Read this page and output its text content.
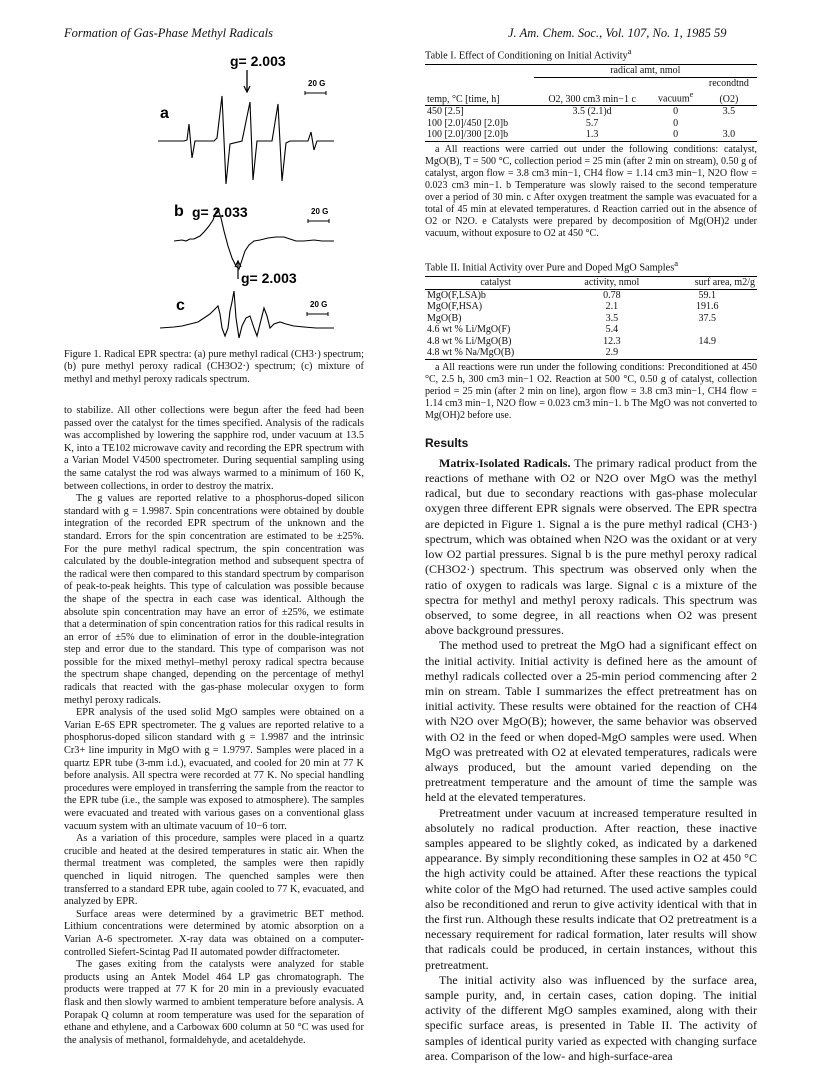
Formation of Gas-Phase Methyl Radicals	J. Am. Chem. Soc., Vol. 107, No. 1, 1985 59
g= 2.003
20 G
a
b g= 2.033	20 G
g= 2.003
c	20 G
Figure 1. Radical EPR spectra: (a) pure methyl radical (CH3·) spectrum; (b) pure methyl peroxy radical (CH3O2·) spectrum; (c) mixture of methyl and methyl peroxy radicals spectrum.

to stabilize. All other collections were begun after the feed had been passed over the catalyst for the times specified. Analysis of the radicals was accomplished by lowering the sapphire rod, under vacuum at 13.5 K, into a TE102 microwave cavity and recording the EPR spectrum with a Varian Model V4500 spectrometer. During sequential sampling using the same catalyst the rod was always warmed to a minimum of 160 K, between collections, in order to destroy the matrix.

The g values are reported relative to a phosphorus-doped silicon standard with g = 1.9987. Spin concentrations were obtained by double integration of the recorded EPR spectrum of the unknown and the standard. Errors for the spin concentration are estimated to be ±25%. For the pure methyl radical spectrum, the spin concentration was calculated by the double-integration method and subsequent spectra of the radical were then compared to this standard spectrum by comparison of peak-to-peak heights. This type of calculation was possible because the shape of the spectra in each case was identical. Although the absolute spin concentration may have an error of ±25%, we estimate that a determination of spin concentration ratios for this radical results in an error of ±5% due to elimination of error in the double-integration step and error due to the standard. This type of comparison was not possible for the mixed methyl–methyl peroxy radical spectra because the spectrum shape changed, depending on the percentage of methyl radicals that reacted with the gas-phase molecular oxygen to form methyl peroxy radicals.

EPR analysis of the used solid MgO samples were obtained on a Varian E-6S EPR spectrometer. The g values are reported relative to a phosphorus-doped silicon standard with g = 1.9987 and the intrinsic Cr3+ line impurity in MgO with g = 1.9797. Samples were placed in a quartz EPR tube (3-mm i.d.), evacuated, and cooled for 20 min at 77 K before analysis. All spectra were recorded at 77 K. No special handling procedures were employed in transferring the sample from the reactor to the EPR tube (i.e., the sample was exposed to atmosphere). The samples were evacuated and treated with various gases on a conventional glass vacuum system with an ultimate vacuum of 10−6 torr.

As a variation of this procedure, samples were placed in a quartz crucible and heated at the desired temperatures in static air. When the thermal treatment was completed, the samples were then rapidly quenched in liquid nitrogen. The quenched samples were then transferred to a standard EPR tube, again cooled to 77 K, evacuated, and analyzed by EPR.

Surface areas were determined by a gravimetric BET method. Lithium concentrations were determined by atomic absorption on a Varian A-6 spectrometer. X-ray data was obtained on a computer-controlled Siefert-Scintag Pad II automated powder diffractometer.

The gases exiting from the catalysts were analyzed for stable products using an Antek Model 464 LP gas chromatograph. The products were trapped at 77 K for 20 min in a previously evacuated flask and then slowly warmed to ambient temperature before analysis. A Porapak Q column at room temperature was used for the separation of ethane and ethylene, and a Carbowax 600 column at 50 °C was used for the analysis of methanol, formaldehyde, and acetaldehyde.

Table I. Effect of Conditioning on Initial Activity$^a$
	radical amt, nmol		
			recondtnd
temp, °C [time, h]	O2, 300 cm3 min−1 c	vacuum$^e$	(O2)
450 [2.5]	3.5 (2.1)d	0	3.5
100 [2.0]/450 [2.0]b	5.7	0	
100 [2.0]/300 [2.0]b	1.3	0	3.0

a All reactions were carried out under the following conditions: catalyst, MgO(B), T = 500 °C, collection period = 25 min (after 2 min on stream), 0.50 g of catalyst, argon flow = 3.8 cm3 min−1, CH4 flow = 1.14 cm3 min−1, N2O flow = 0.023 cm3 min−1. b Temperature was slowly raised to the second temperature over a period of 30 min. c After oxygen treatment the sample was evacuated for a total of 45 min at elevated temperatures. d Reaction carried out in the absence of O2 or N2O. e Catalysts were prepared by decomposition of Mg(OH)2 under vacuum, without exposure to O2 at 450 °C.

Table II. Initial Activity over Pure and Doped MgO Samples$^a$
catalyst	activity, nmol	surf area, m2/g
MgO(F,LSA)b	0.78	59.1
MgO(F,HSA)	2.1	191.6
MgO(B)	3.5	37.5
4.6 wt % Li/MgO(F)	5.4	
4.8 wt % Li/MgO(B)	12.3	14.9
4.8 wt % Na/MgO(B)	2.9	

a All reactions were run under the following conditions: Preconditioned at 450 °C, 2.5 h, 300 cm3 min−1 O2. Reaction at 500 °C, 0.50 g of catalyst, collection period = 25 min (after 2 min on line), argon flow = 3.8 cm3 min−1, CH4 flow = 1.14 cm3 min−1, N2O flow = 0.023 cm3 min−1. b The MgO was not converted to Mg(OH)2 before use.

Results

Matrix-Isolated Radicals. The primary radical product from the reactions of methane with O2 or N2O over MgO was the methyl radical, but due to secondary reactions with gas-phase molecular oxygen three different EPR signals were observed. The EPR spectra are depicted in Figure 1. Signal a is the pure methyl radical (CH3·) spectrum, which was obtained when N2O was the oxidant or at very low O2 partial pressures. Signal b is the pure methyl peroxy radical (CH3O2·) spectrum. This spectrum was observed only when the ratio of oxygen to radicals was large. Signal c is a mixture of the spectra for methyl and methyl peroxy radicals. This spectrum was observed, to some degree, in all reactions when O2 was present above background pressures.

The method used to pretreat the MgO had a significant effect on the initial activity. Initial activity is defined here as the amount of methyl radicals collected over a 25-min period commencing after 2 min on stream. Table I summarizes the effect pretreatment has on initial activity. These results were obtained for the reaction of CH4 with N2O over MgO(B); however, the same behavior was observed with O2 in the feed or when doped-MgO samples were used. When MgO was pretreated with O2 at elevated temperatures, radicals were always produced, but the amount varied depending on the pretreatment temperature and the amount of time the sample was held at the elevated temperatures.

Pretreatment under vacuum at increased temperature resulted in absolutely no radical production. After reaction, these inactive samples appeared to be slightly coked, as indicated by a darkened appearance. By simply reconditioning these samples in O2 at 450 °C the high activity could be attained. After these reactions the typical white color of the MgO had returned. The used active samples could also be reconditioned and rerun to give activity identical with that in the first run. Although these results indicate that O2 pretreatment is a necessary requirement for radical formation, later results will show that radicals could be produced, in certain instances, without this pretreatment.

The initial activity also was influenced by the surface area, sample purity, and, in certain cases, cation doping. The initial activity of the different MgO samples examined, along with their specific surface areas, is presented in Table II. The activity of samples of identical purity varied as expected with changing surface area. Comparison of the low- and high-surface-area
